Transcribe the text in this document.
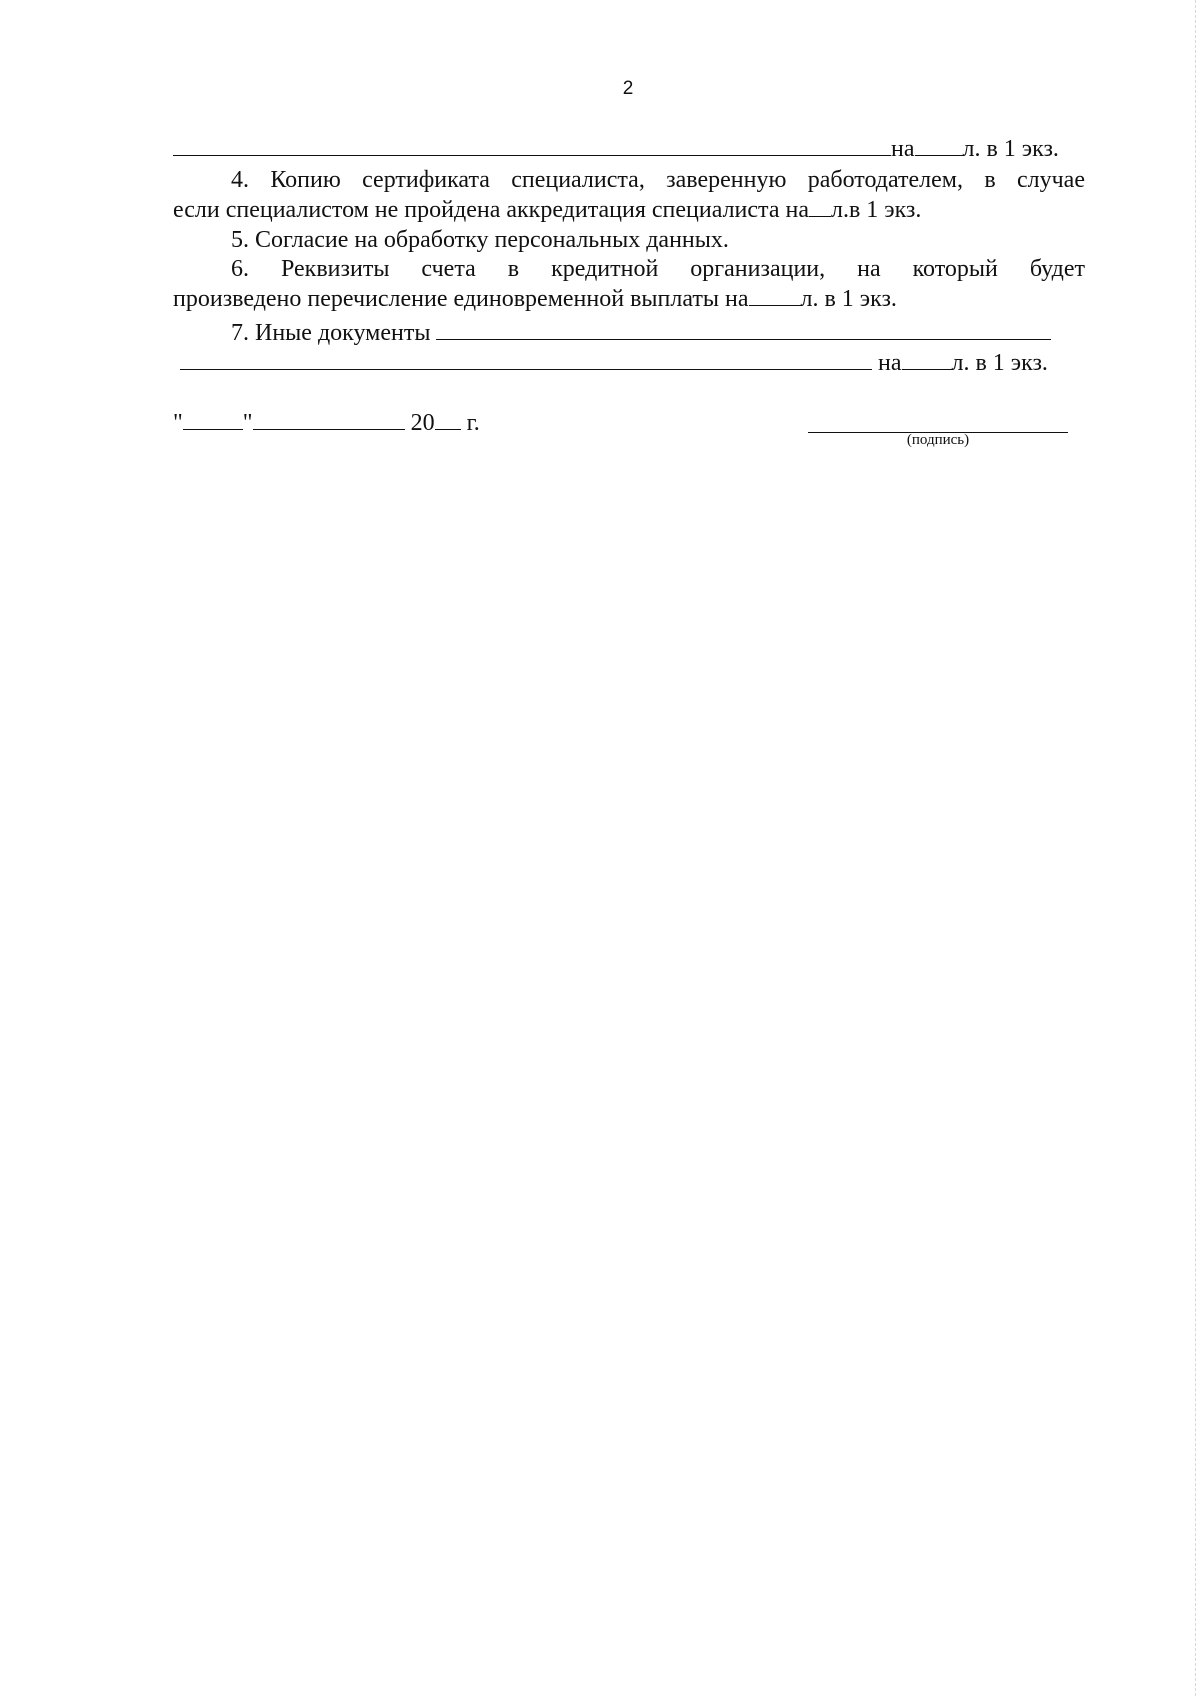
2
на л. в 1 экз.
4. Копию сертификата специалиста, заверенную работодателем, в случае
если специалистом не пройдена аккредитация специалиста на л.в 1 экз.
5. Согласие на обработку персональных данных.
6. Реквизиты счета в кредитной организации, на который будет
произведено перечисление единовременной выплаты на л. в 1 экз.
7. Иные документы
на л. в 1 экз.
"	"	20 г.
(подпись)
